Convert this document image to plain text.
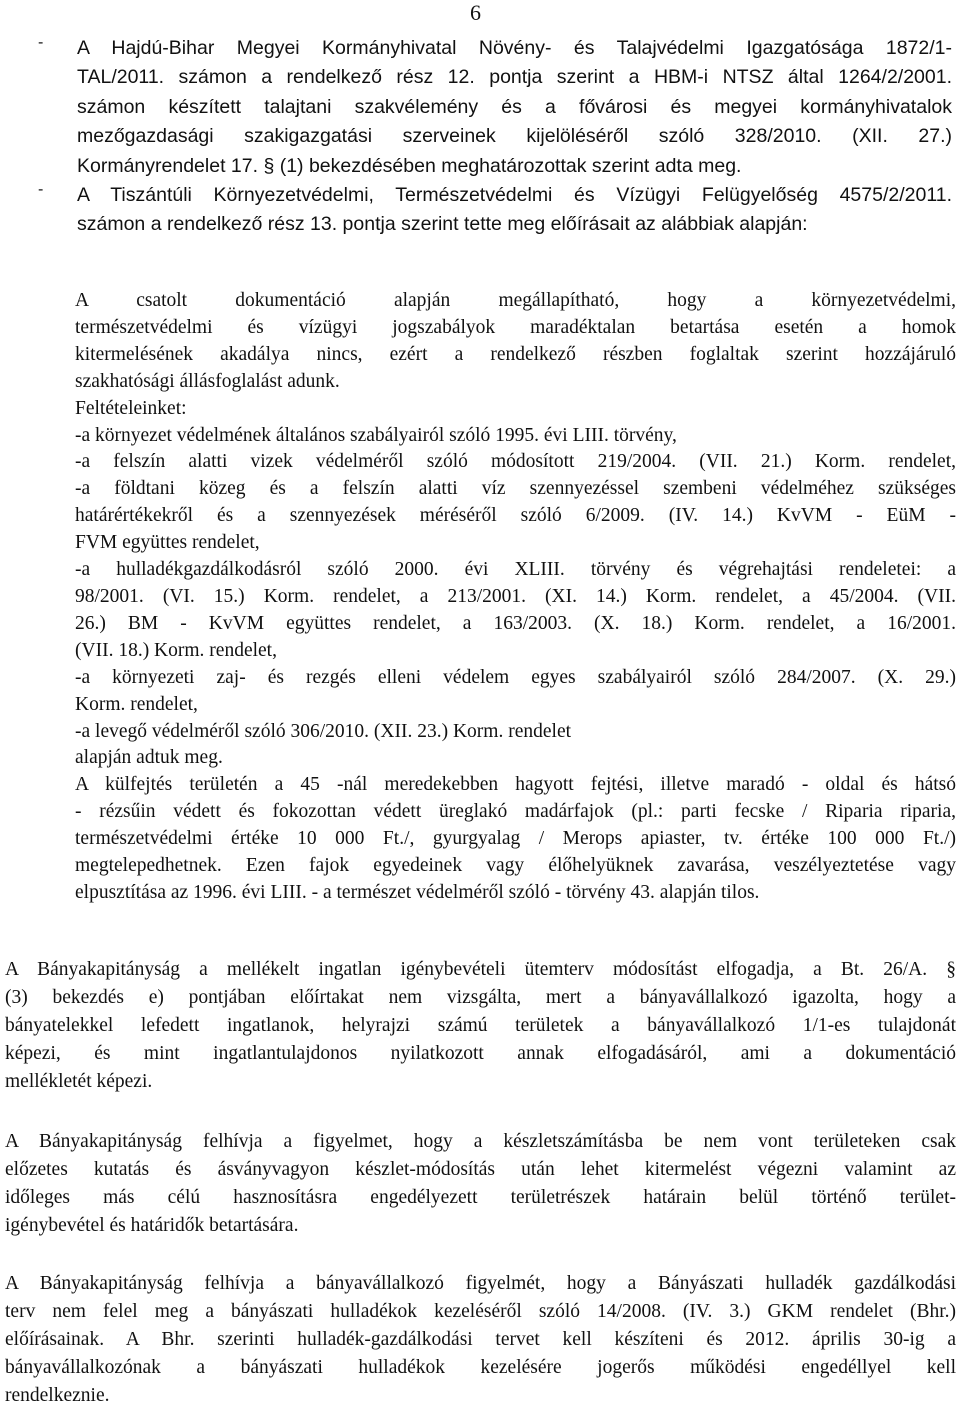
6
-	A Hajdú-Bihar Megyei Kormányhivatal Növény- és Talajvédelmi Igazgatósága 1872/1-

TAL/2011. számon a rendelkező rész 12. pontja szerint a HBM-i NTSZ által 1264/2/2001.

számon készített talajtani szakvélemény és a fővárosi és megyei kormányhivatalok

mezőgazdasági szakigazgatási szerveinek kijelöléséről szóló 328/2010. (XII. 27.)

Kormányrendelet 17. § (1) bekezdésében meghatározottak szerint adta meg.

-	A Tiszántúli Környezetvédelmi, Természetvédelmi és Vízügyi Felügyelőség 4575/2/2011.

számon a rendelkező rész 13. pontja szerint tette meg előírásait az alábbiak alapján:

A csatolt dokumentáció alapján megállapítható, hogy a környezetvédelmi,

természetvédelmi és vízügyi jogszabályok maradéktalan betartása esetén a homok

kitermelésének akadálya nincs, ezért a rendelkező részben foglaltak szerint hozzájáruló

szakhatósági állásfoglalást adunk.

Feltételeinket:

-a környezet védelmének általános szabályairól szóló 1995. évi LIII. törvény,

-a felszín alatti vizek védelméről szóló módosított 219/2004. (VII. 21.) Korm. rendelet,

-a földtani közeg és a felszín alatti víz szennyezéssel szembeni védelméhez szükséges

határértékekről és a szennyezések méréséről szóló 6/2009. (IV. 14.) KvVM - EüM -

FVM együttes rendelet,

-a hulladékgazdálkodásról szóló 2000. évi XLIII. törvény és végrehajtási rendeletei: a

98/2001. (VI. 15.) Korm. rendelet, a 213/2001. (XI. 14.) Korm. rendelet, a 45/2004. (VII.

26.) BM - KvVM együttes rendelet, a 163/2003. (X. 18.) Korm. rendelet, a 16/2001.

(VII. 18.) Korm. rendelet,

-a környezeti zaj- és rezgés elleni védelem egyes szabályairól szóló 284/2007. (X. 29.)

Korm. rendelet,

-a levegő védelméről szóló 306/2010. (XII. 23.) Korm. rendelet

alapján adtuk meg.

A külfejtés területén a 45 -nál meredekebben hagyott fejtési, illetve maradó - oldal és hátsó

- rézsűin védett és fokozottan védett üreglakó madárfajok (pl.: parti fecske / Riparia riparia,

természetvédelmi értéke 10 000 Ft./, gyurgyalag / Merops apiaster, tv. értéke 100 000 Ft./)

megtelepedhetnek. Ezen fajok egyedeinek vagy élőhelyüknek zavarása, veszélyeztetése vagy

elpusztítása az 1996. évi LIII. - a természet védelméről szóló - törvény 43. alapján tilos.

A Bányakapitányság a mellékelt ingatlan igénybevételi ütemterv módosítást elfogadja, a Bt. 26/A. §

(3) bekezdés e) pontjában előírtakat nem vizsgálta, mert a bányavállalkozó igazolta, hogy a

bányatelekkel lefedett ingatlanok, helyrajzi számú területek a bányavállalkozó 1/1-es tulajdonát

képezi, és mint ingatlantulajdonos nyilatkozott annak elfogadásáról, ami a dokumentáció

mellékletét képezi.

A Bányakapitányság felhívja a figyelmet, hogy a készletszámításba be nem vont területeken csak

előzetes kutatás és ásványvagyon készlet-módosítás után lehet kitermelést végezni valamint az

időleges más célú hasznosításra engedélyezett területrészek határain belül történő terület-

igénybevétel és határidők betartására.

A Bányakapitányság felhívja a bányavállalkozó figyelmét, hogy a Bányászati hulladék gazdálkodási

terv nem felel meg a bányászati hulladékok kezeléséről szóló 14/2008. (IV. 3.) GKM rendelet (Bhr.)

előírásainak. A Bhr. szerinti hulladék-gazdálkodási tervet kell készíteni és 2012. április 30-ig a

bányavállalkozónak a bányászati hulladékok kezelésére jogerős működési engedéllyel kell

rendelkeznie.
